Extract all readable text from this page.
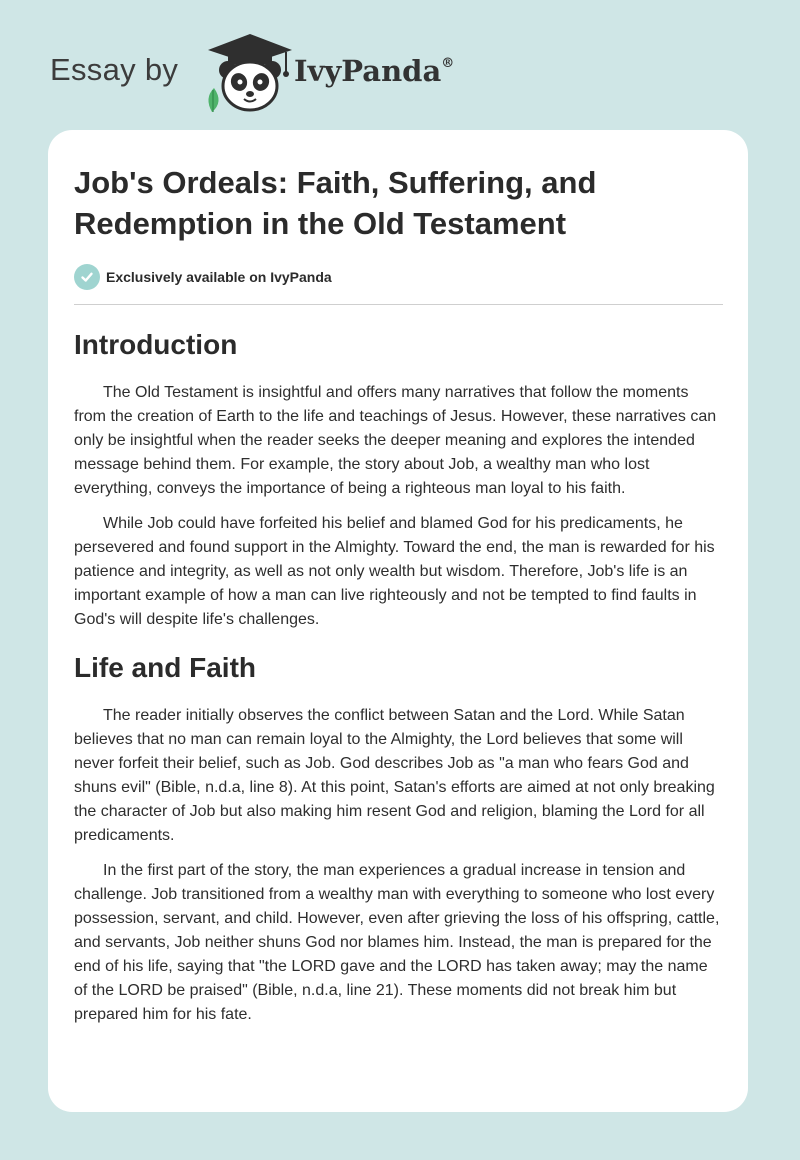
Essay by	IvyPanda®
Job's Ordeals: Faith, Suffering, and Redemption in the Old Testament
Exclusively available on IvyPanda
Introduction

The Old Testament is insightful and offers many narratives that follow the moments from the creation of Earth to the life and teachings of Jesus. However, these narratives can only be insightful when the reader seeks the deeper meaning and explores the intended message behind them. For example, the story about Job, a wealthy man who lost everything, conveys the importance of being a righteous man loyal to his faith.

While Job could have forfeited his belief and blamed God for his predicaments, he persevered and found support in the Almighty. Toward the end, the man is rewarded for his patience and integrity, as well as not only wealth but wisdom. Therefore, Job's life is an important example of how a man can live righteously and not be tempted to find faults in God's will despite life's challenges.

Life and Faith

The reader initially observes the conflict between Satan and the Lord. While Satan believes that no man can remain loyal to the Almighty, the Lord believes that some will never forfeit their belief, such as Job. God describes Job as "a man who fears God and shuns evil" (Bible, n.d.a, line 8). At this point, Satan's efforts are aimed at not only breaking the character of Job but also making him resent God and religion, blaming the Lord for all predicaments.

In the first part of the story, the man experiences a gradual increase in tension and challenge. Job transitioned from a wealthy man with everything to someone who lost every possession, servant, and child. However, even after grieving the loss of his offspring, cattle, and servants, Job neither shuns God nor blames him. Instead, the man is prepared for the end of his life, saying that "the LORD gave and the LORD has taken away; may the name of the LORD be praised" (Bible, n.d.a, line 21). These moments did not break him but prepared him for his fate.
